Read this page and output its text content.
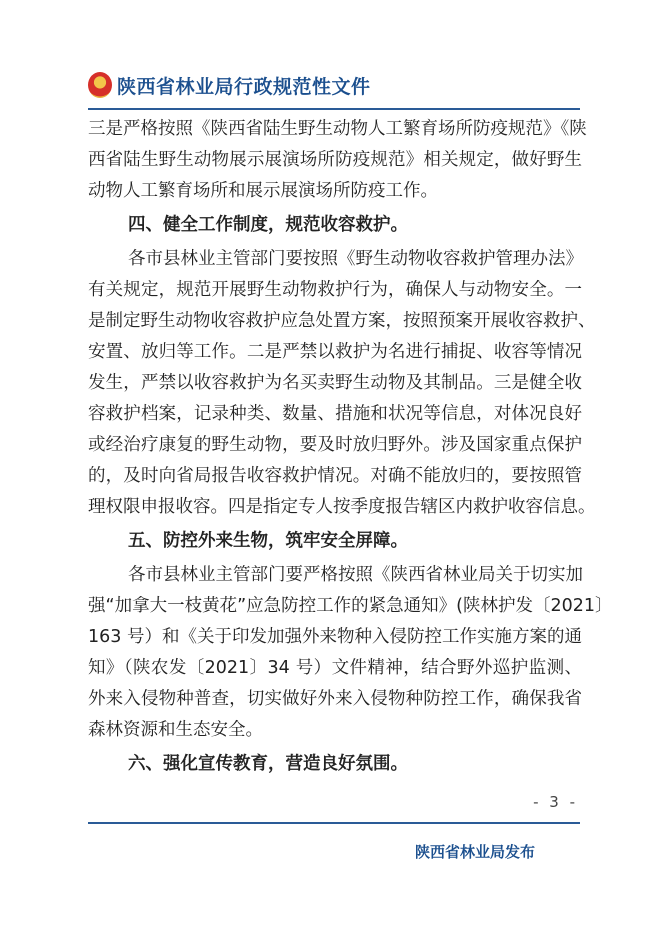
陕西省林业局行政规范性文件
三是严格按照《陕西省陆生野生动物人工繁育场所防疫规范》《陕
西省陆生野生动物展示展演场所防疫规范》相关规定，做好野生
动物人工繁育场所和展示展演场所防疫工作。
四、健全工作制度，规范收容救护。
各市县林业主管部门要按照《野生动物收容救护管理办法》
有关规定，规范开展野生动物救护行为，确保人与动物安全。一
是制定野生动物收容救护应急处置方案，按照预案开展收容救护、
安置、放归等工作。二是严禁以救护为名进行捕捉、收容等情况
发生，严禁以收容救护为名买卖野生动物及其制品。三是健全收
容救护档案，记录种类、数量、措施和状况等信息，对体况良好
或经治疗康复的野生动物，要及时放归野外。涉及国家重点保护
的，及时向省局报告收容救护情况。对确不能放归的，要按照管
理权限申报收容。四是指定专人按季度报告辖区内救护收容信息。
五、防控外来生物，筑牢安全屏障。
各市县林业主管部门要严格按照《陕西省林业局关于切实加
强“加拿大一枝黄花”应急防控工作的紧急通知》(陕林护发〔2021〕
163 号）和《关于印发加强外来物种入侵防控工作实施方案的通
知》（陕农发〔2021〕34 号）文件精神，结合野外巡护监测、
外来入侵物种普查，切实做好外来入侵物种防控工作，确保我省
森林资源和生态安全。
六、强化宣传教育，营造良好氛围。
- 3 -
陕西省林业局发布
